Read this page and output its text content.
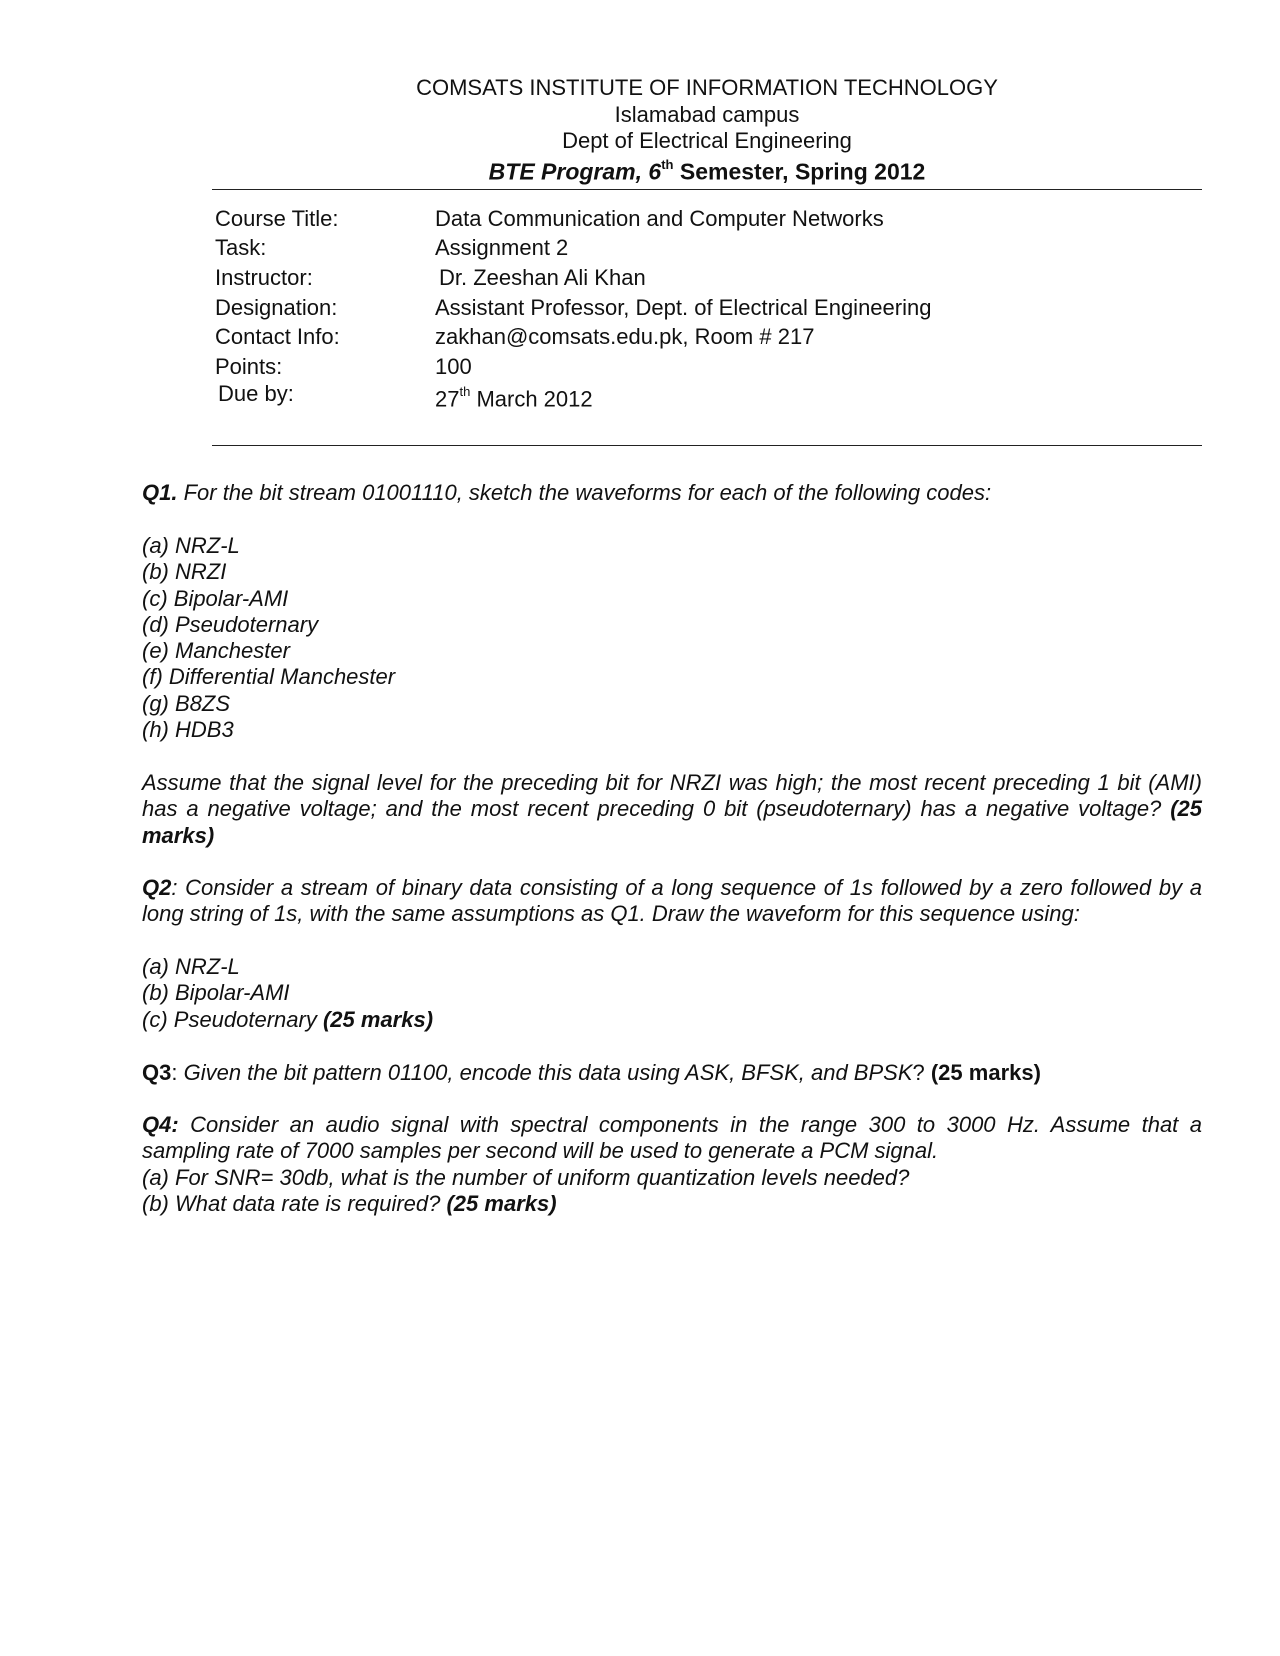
COMSATS INSTITUTE OF INFORMATION TECHNOLOGY
Islamabad campus
Dept of Electrical Engineering
BTE Program, 6th Semester, Spring 2012
Course Title:	Data Communication and Computer Networks
Task:	Assignment 2
Instructor:	Dr. Zeeshan Ali Khan
Designation:	Assistant Professor, Dept. of Electrical Engineering
Contact Info:	zakhan@comsats.edu.pk, Room # 217
Points:	100
Due by:	27th March 2012
Q1. For the bit stream 01001110, sketch the waveforms for each of the following codes:
(a) NRZ-L
(b) NRZI
(c) Bipolar-AMI
(d) Pseudoternary
(e) Manchester
(f) Differential Manchester
(g) B8ZS
(h) HDB3
Assume that the signal level for the preceding bit for NRZI was high; the most recent preceding 1 bit (AMI) has a negative voltage; and the most recent preceding 0 bit (pseudoternary) has a negative voltage? (25 marks)
Q2: Consider a stream of binary data consisting of a long sequence of 1s followed by a zero followed by a long string of 1s, with the same assumptions as Q1. Draw the waveform for this sequence using:
(a) NRZ-L
(b) Bipolar-AMI
(c) Pseudoternary (25 marks)
Q3: Given the bit pattern 01100, encode this data using ASK, BFSK, and BPSK? (25 marks)
Q4: Consider an audio signal with spectral components in the range 300 to 3000 Hz. Assume that a sampling rate of 7000 samples per second will be used to generate a PCM signal.
(a) For SNR= 30db, what is the number of uniform quantization levels needed?
(b) What data rate is required? (25 marks)
